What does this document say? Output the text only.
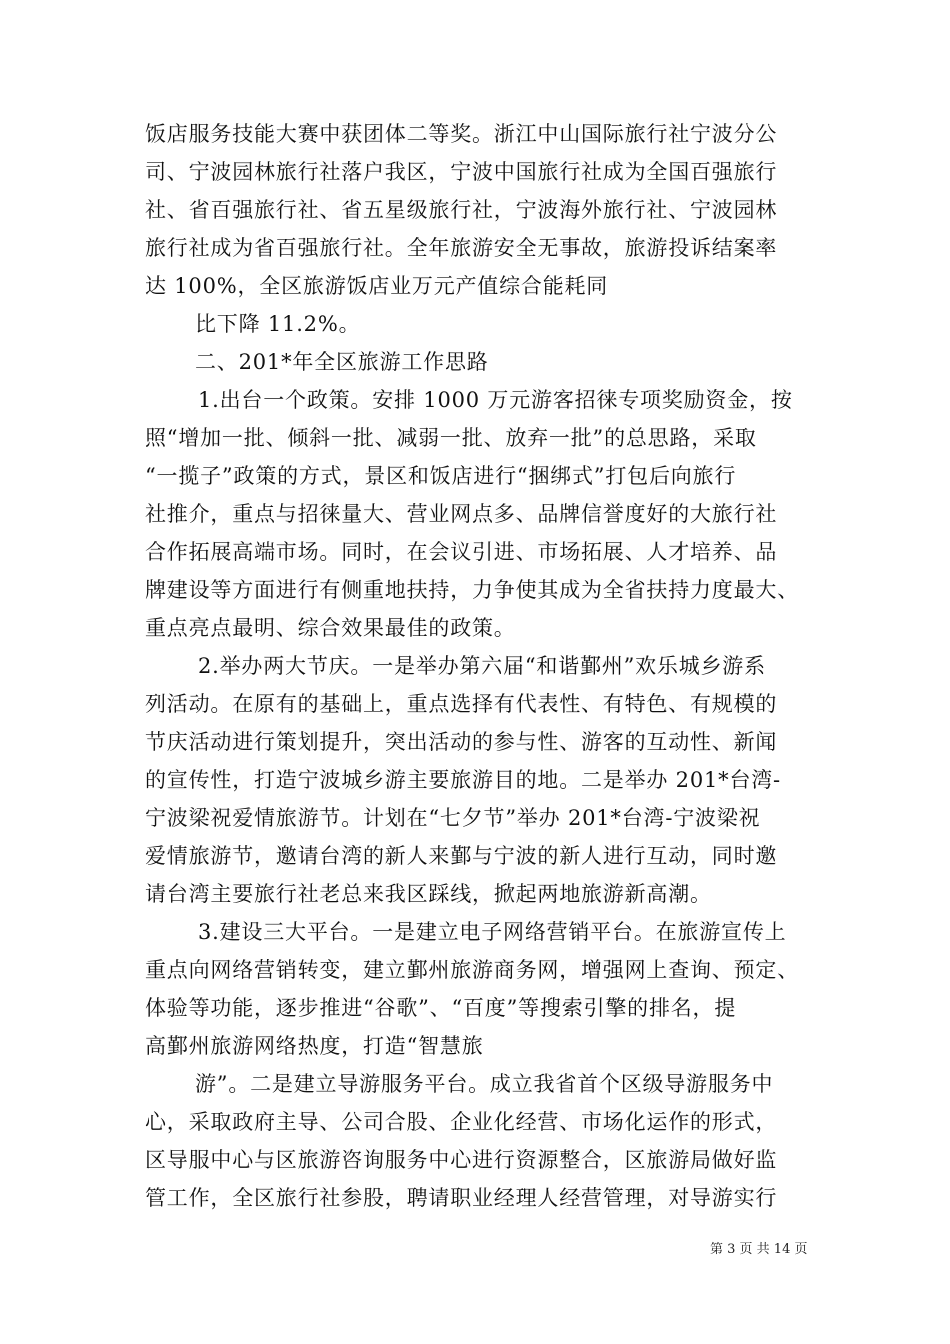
饭店服务技能大赛中获团体二等奖。浙江中山国际旅行社宁波分公
司、宁波园林旅行社落户我区，宁波中国旅行社成为全国百强旅行
社、省百强旅行社、省五星级旅行社，宁波海外旅行社、宁波园林
旅行社成为省百强旅行社。全年旅游安全无事故，旅游投诉结案率
达 100%，全区旅游饭店业万元产值综合能耗同
比下降 11.2%。
二、201*年全区旅游工作思路
1.出台一个政策。安排 1000 万元游客招徕专项奖励资金，按
照“增加一批、倾斜一批、减弱一批、放弃一批”的总思路，采取
“一揽子”政策的方式，景区和饭店进行“捆绑式”打包后向旅行
社推介，重点与招徕量大、营业网点多、品牌信誉度好的大旅行社
合作拓展高端市场。同时，在会议引进、市场拓展、人才培养、品
牌建设等方面进行有侧重地扶持，力争使其成为全省扶持力度最大、
重点亮点最明、综合效果最佳的政策。
2.举办两大节庆。一是举办第六届“和谐鄞州”欢乐城乡游系
列活动。在原有的基础上，重点选择有代表性、有特色、有规模的
节庆活动进行策划提升，突出活动的参与性、游客的互动性、新闻
的宣传性，打造宁波城乡游主要旅游目的地。二是举办 201*台湾-
宁波梁祝爱情旅游节。计划在“七夕节”举办 201*台湾-宁波梁祝
爱情旅游节，邀请台湾的新人来鄞与宁波的新人进行互动，同时邀
请台湾主要旅行社老总来我区踩线，掀起两地旅游新高潮。
3.建设三大平台。一是建立电子网络营销平台。在旅游宣传上
重点向网络营销转变，建立鄞州旅游商务网，增强网上查询、预定、
体验等功能，逐步推进“谷歌”、“百度”等搜索引擎的排名，提
高鄞州旅游网络热度，打造“智慧旅
游”。二是建立导游服务平台。成立我省首个区级导游服务中
心，采取政府主导、公司合股、企业化经营、市场化运作的形式，
区导服中心与区旅游咨询服务中心进行资源整合，区旅游局做好监
管工作，全区旅行社参股，聘请职业经理人经营管理，对导游实行
第 3 页 共 14 页
